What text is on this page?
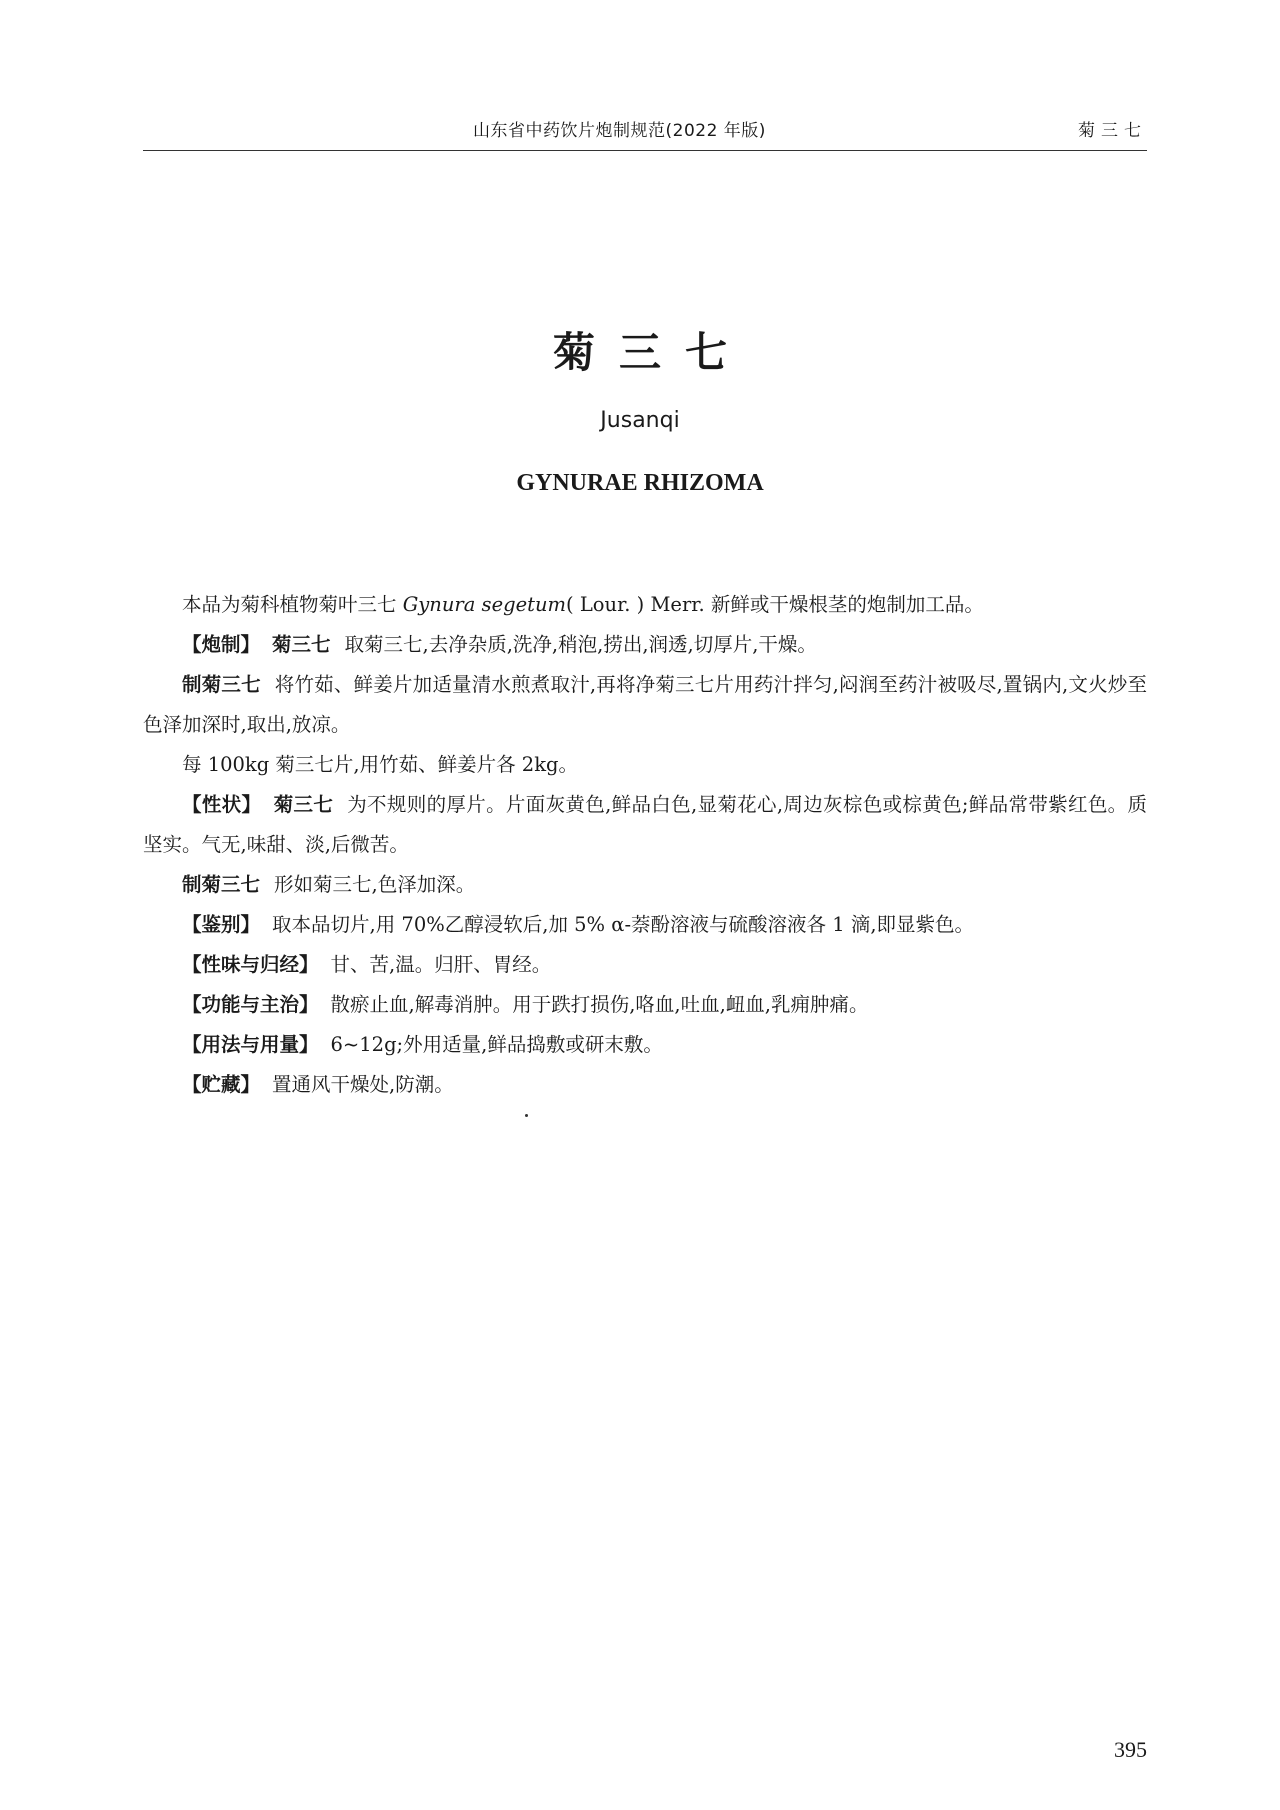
山东省中药饮片炮制规范(2022 年版)	菊三七
菊三七
Jusanqi
GYNURAE RHIZOMA

本品为菊科植物菊叶三七 Gynura segetum( Lour. ) Merr. 新鲜或干燥根茎的炮制加工品。

【炮制】 菊三七 取菊三七,去净杂质,洗净,稍泡,捞出,润透,切厚片,干燥。

制菊三七 将竹茹、鲜姜片加适量清水煎煮取汁,再将净菊三七片用药汁拌匀,闷润至药汁被吸尽,置锅内,文火炒至色泽加深时,取出,放凉。

每 100kg 菊三七片,用竹茹、鲜姜片各 2kg。

【性状】 菊三七 为不规则的厚片。片面灰黄色,鲜品白色,显菊花心,周边灰棕色或棕黄色;鲜品常带紫红色。质坚实。气无,味甜、淡,后微苦。

制菊三七 形如菊三七,色泽加深。

【鉴别】 取本品切片,用 70%乙醇浸软后,加 5% α-萘酚溶液与硫酸溶液各 1 滴,即显紫色。

【性味与归经】 甘、苦,温。归肝、胃经。

【功能与主治】 散瘀止血,解毒消肿。用于跌打损伤,咯血,吐血,衄血,乳痈肿痛。

【用法与用量】 6~12g;外用适量,鲜品捣敷或研末敷。

【贮藏】 置通风干燥处,防潮。

395
